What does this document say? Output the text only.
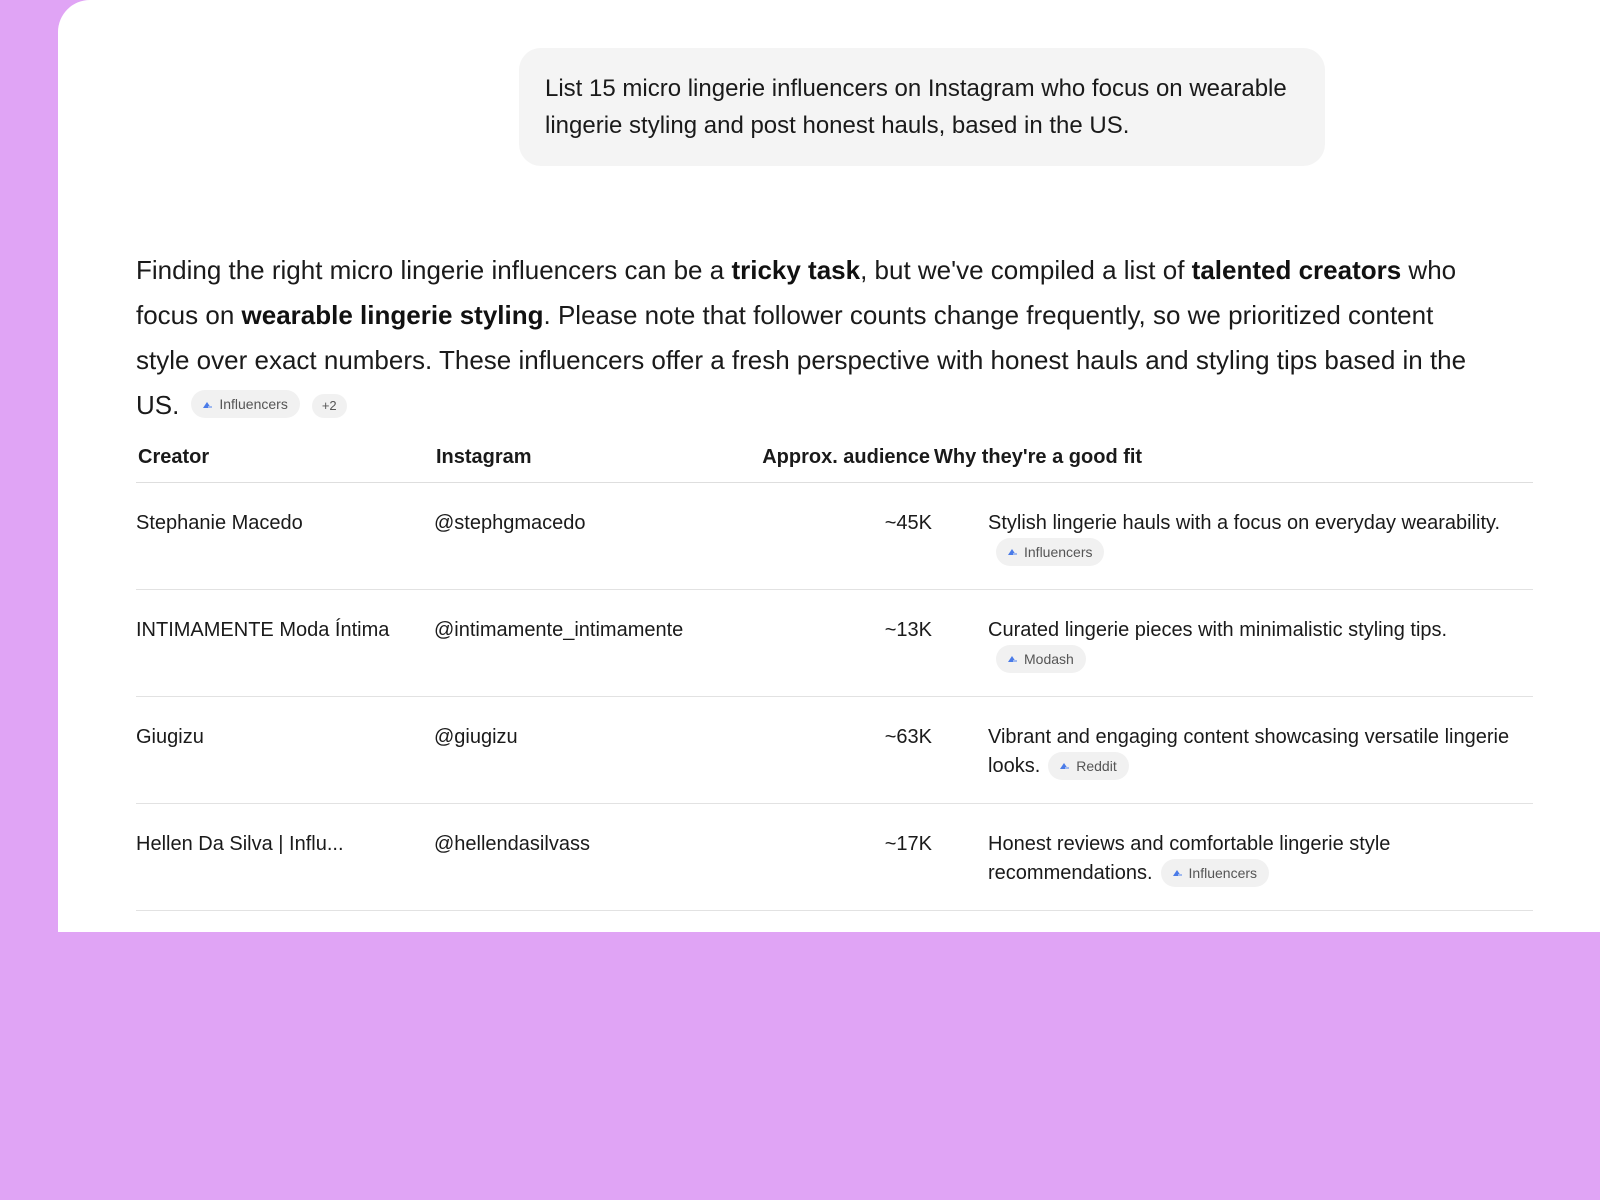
List 15 micro lingerie influencers on Instagram who focus on wearable lingerie styling and post honest hauls, based in the US.
Finding the right micro lingerie influencers can be a tricky task, but we've compiled a list of talented creators who focus on wearable lingerie styling. Please note that follower counts change frequently, so we prioritized content style over exact numbers. These influencers offer a fresh perspective with honest hauls and styling tips based in the US.	Influencers	+2
Creator	Instagram	Approx. audience	Why they're a good fit
Stephanie Macedo	@stephgmacedo	~45K	Stylish lingerie hauls with a focus on everyday wearability.

Influencers

INTIMAMENTE Moda Íntima	@intimamente_intimamente	~13K	Curated lingerie pieces with minimalistic styling tips.

Modash

Giugizu	@giugizu	~63K	Vibrant and engaging content showcasing versatile lingerie looks. Reddit

Hellen Da Silva | Influ...	@hellendasilvass	~17K	Honest reviews and comfortable lingerie style recommendations. Influencers
